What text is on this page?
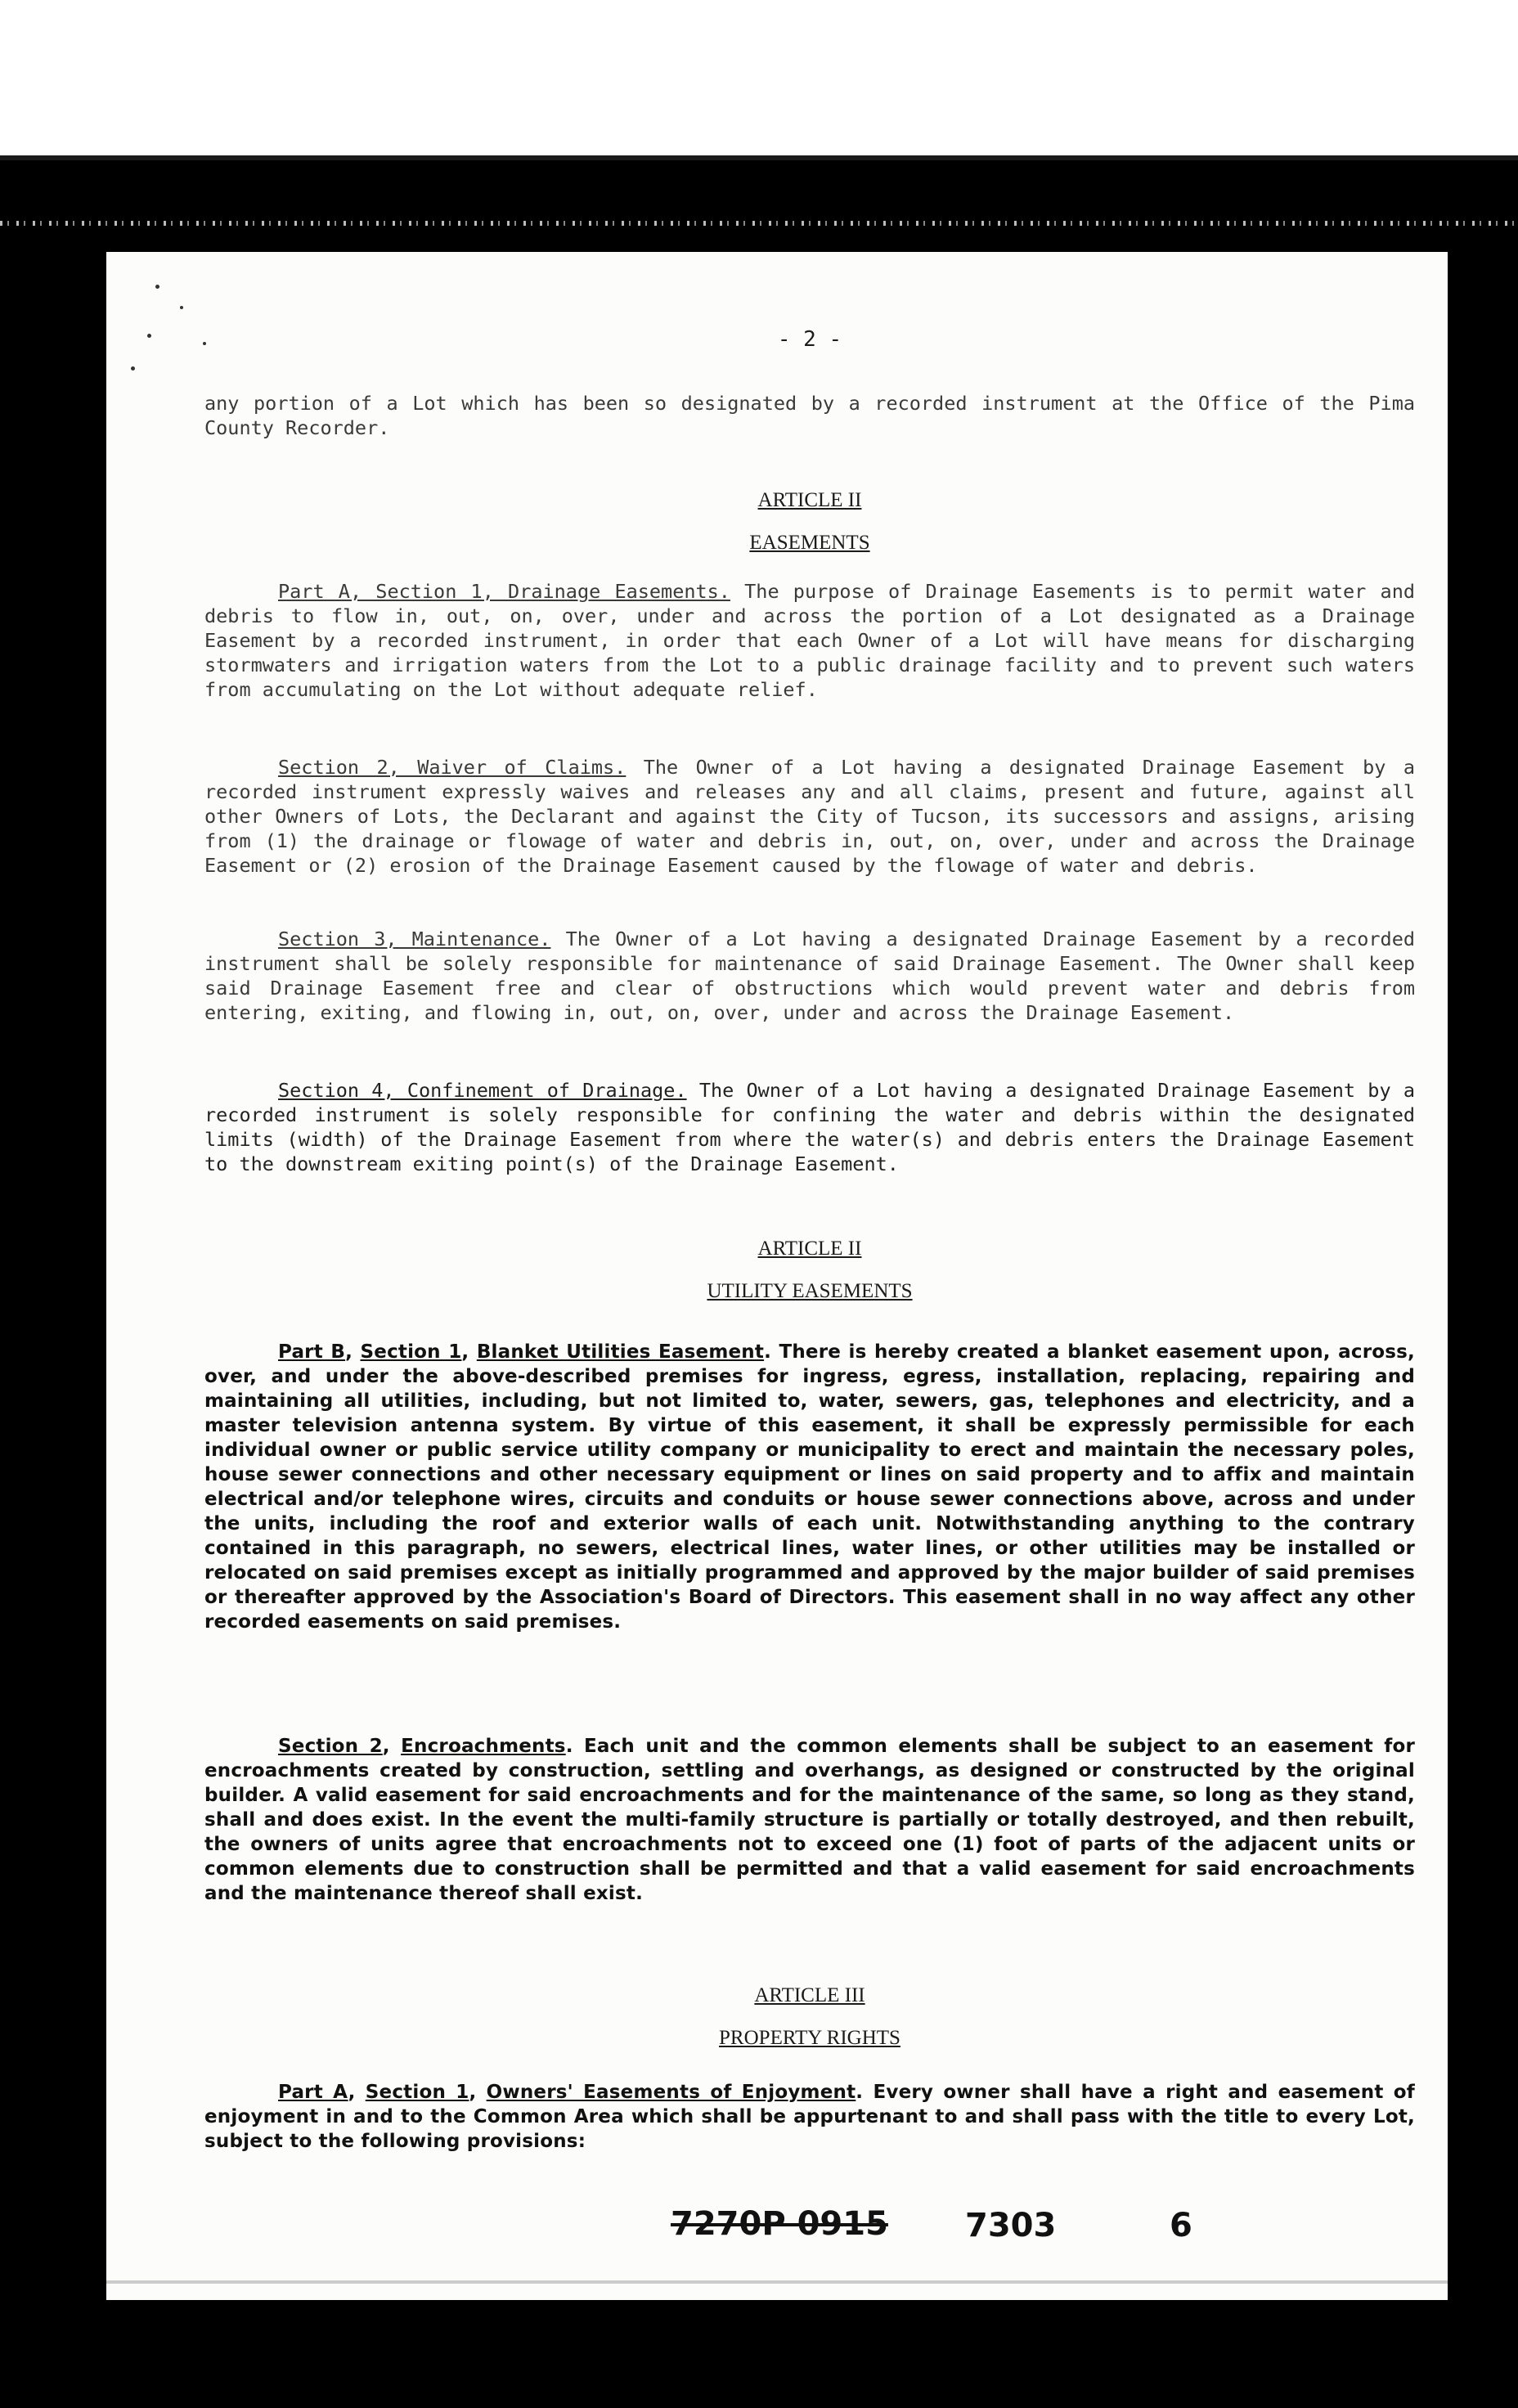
- 2 -

any portion of a Lot which has been so designated by a recorded instrument at the Office of the Pima County Recorder.

ARTICLE II
EASEMENTS

Part A, Section 1, Drainage Easements. The purpose of Drainage Easements is to permit water and debris to flow in, out, on, over, under and across the portion of a Lot designated as a Drainage Easement by a recorded instrument, in order that each Owner of a Lot will have means for discharging stormwaters and irrigation waters from the Lot to a public drainage facility and to prevent such waters from accumulating on the Lot without adequate relief.

Section 2, Waiver of Claims. The Owner of a Lot having a designated Drainage Easement by a recorded instrument expressly waives and releases any and all claims, present and future, against all other Owners of Lots, the Declarant and against the City of Tucson, its successors and assigns, arising from (1) the drainage or flowage of water and debris in, out, on, over, under and across the Drainage Easement or (2) erosion of the Drainage Easement caused by the flowage of water and debris.

Section 3, Maintenance. The Owner of a Lot having a designated Drainage Easement by a recorded instrument shall be solely responsible for maintenance of said Drainage Easement. The Owner shall keep said Drainage Easement free and clear of obstructions which would prevent water and debris from entering, exiting, and flowing in, out, on, over, under and across the Drainage Easement.

Section 4, Confinement of Drainage. The Owner of a Lot having a designated Drainage Easement by a recorded instrument is solely responsible for confining the water and debris within the designated limits (width) of the Drainage Easement from where the water(s) and debris enters the Drainage Easement to the downstream exiting point(s) of the Drainage Easement.

ARTICLE II
UTILITY EASEMENTS

Part B, Section 1, Blanket Utilities Easement. There is hereby created a blanket easement upon, across, over, and under the above-described premises for ingress, egress, installation, replacing, repairing and maintaining all utilities, including, but not limited to, water, sewers, gas, telephones and electricity, and a master television antenna system. By virtue of this easement, it shall be expressly permissible for each individual owner or public service utility company or municipality to erect and maintain the necessary poles, house sewer connections and other necessary equipment or lines on said property and to affix and maintain electrical and/or telephone wires, circuits and conduits or house sewer connections above, across and under the units, including the roof and exterior walls of each unit. Notwithstanding anything to the contrary contained in this paragraph, no sewers, electrical lines, water lines, or other utilities may be installed or relocated on said premises except as initially programmed and approved by the major builder of said premises or thereafter approved by the Association's Board of Directors. This easement shall in no way affect any other recorded easements on said premises.

Section 2, Encroachments. Each unit and the common elements shall be subject to an easement for encroachments created by construction, settling and overhangs, as designed or constructed by the original builder. A valid easement for said encroachments and for the maintenance of the same, so long as they stand, shall and does exist. In the event the multi-family structure is partially or totally destroyed, and then rebuilt, the owners of units agree that encroachments not to exceed one (1) foot of parts of the adjacent units or common elements due to construction shall be permitted and that a valid easement for said encroachments and the maintenance thereof shall exist.

ARTICLE III
PROPERTY RIGHTS

Part A, Section 1, Owners' Easements of Enjoyment. Every owner shall have a right and easement of enjoyment in and to the Common Area which shall be appurtenant to and shall pass with the title to every Lot, subject to the following provisions:

7270P 0915 7303	6
